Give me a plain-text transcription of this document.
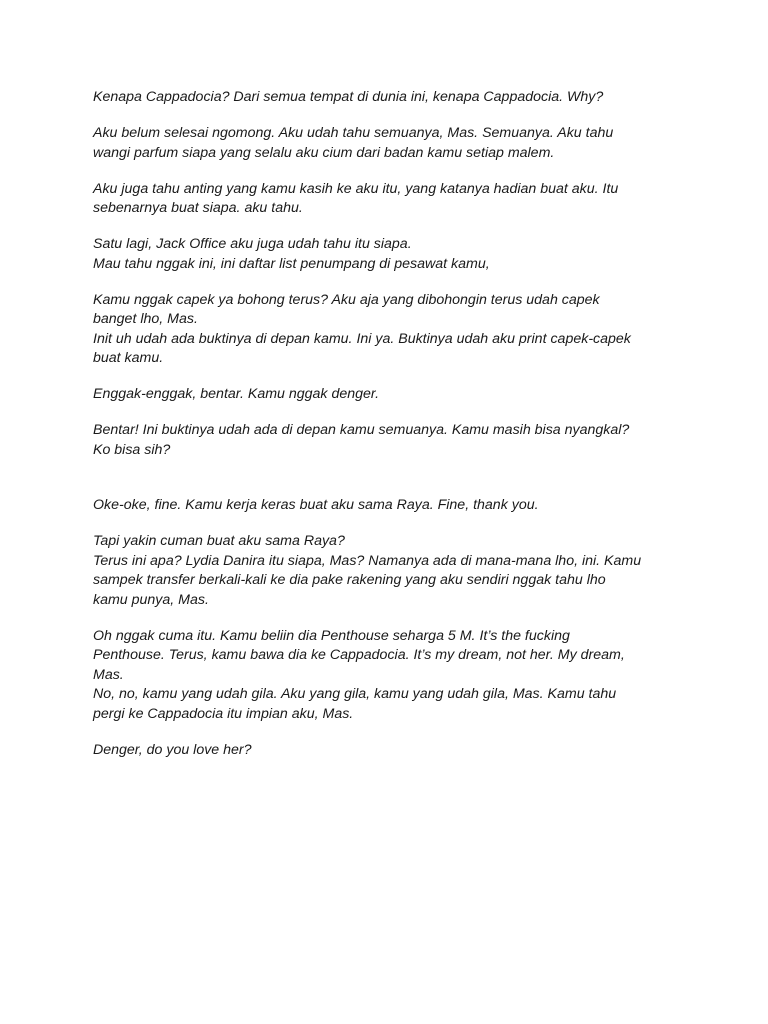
Kenapa Cappadocia? Dari semua tempat di dunia ini, kenapa Cappadocia. Why?

Aku belum selesai ngomong. Aku udah tahu semuanya, Mas. Semuanya. Aku tahu
wangi parfum siapa yang selalu aku cium dari badan kamu setiap malem.

Aku juga tahu anting yang kamu kasih ke aku itu, yang katanya hadian buat aku. Itu
sebenarnya buat siapa. aku tahu.

Satu lagi, Jack Office aku juga udah tahu itu siapa.
Mau tahu nggak ini, ini daftar list penumpang di pesawat kamu,

Kamu nggak capek ya bohong terus? Aku aja yang dibohongin terus udah capek
banget lho, Mas.
Init uh udah ada buktinya di depan kamu. Ini ya. Buktinya udah aku print capek-capek
buat kamu.

Enggak-enggak, bentar. Kamu nggak denger.

Bentar! Ini buktinya udah ada di depan kamu semuanya. Kamu masih bisa nyangkal?
Ko bisa sih?

Oke-oke, fine. Kamu kerja keras buat aku sama Raya. Fine, thank you.

Tapi yakin cuman buat aku sama Raya?
Terus ini apa? Lydia Danira itu siapa, Mas? Namanya ada di mana-mana lho, ini. Kamu
sampek transfer berkali-kali ke dia pake rakening yang aku sendiri nggak tahu lho
kamu punya, Mas.

Oh nggak cuma itu. Kamu beliin dia Penthouse seharga 5 M. It’s the fucking
Penthouse. Terus, kamu bawa dia ke Cappadocia. It’s my dream, not her. My dream,
Mas.
No, no, kamu yang udah gila. Aku yang gila, kamu yang udah gila, Mas. Kamu tahu
pergi ke Cappadocia itu impian aku, Mas.

Denger, do you love her?
